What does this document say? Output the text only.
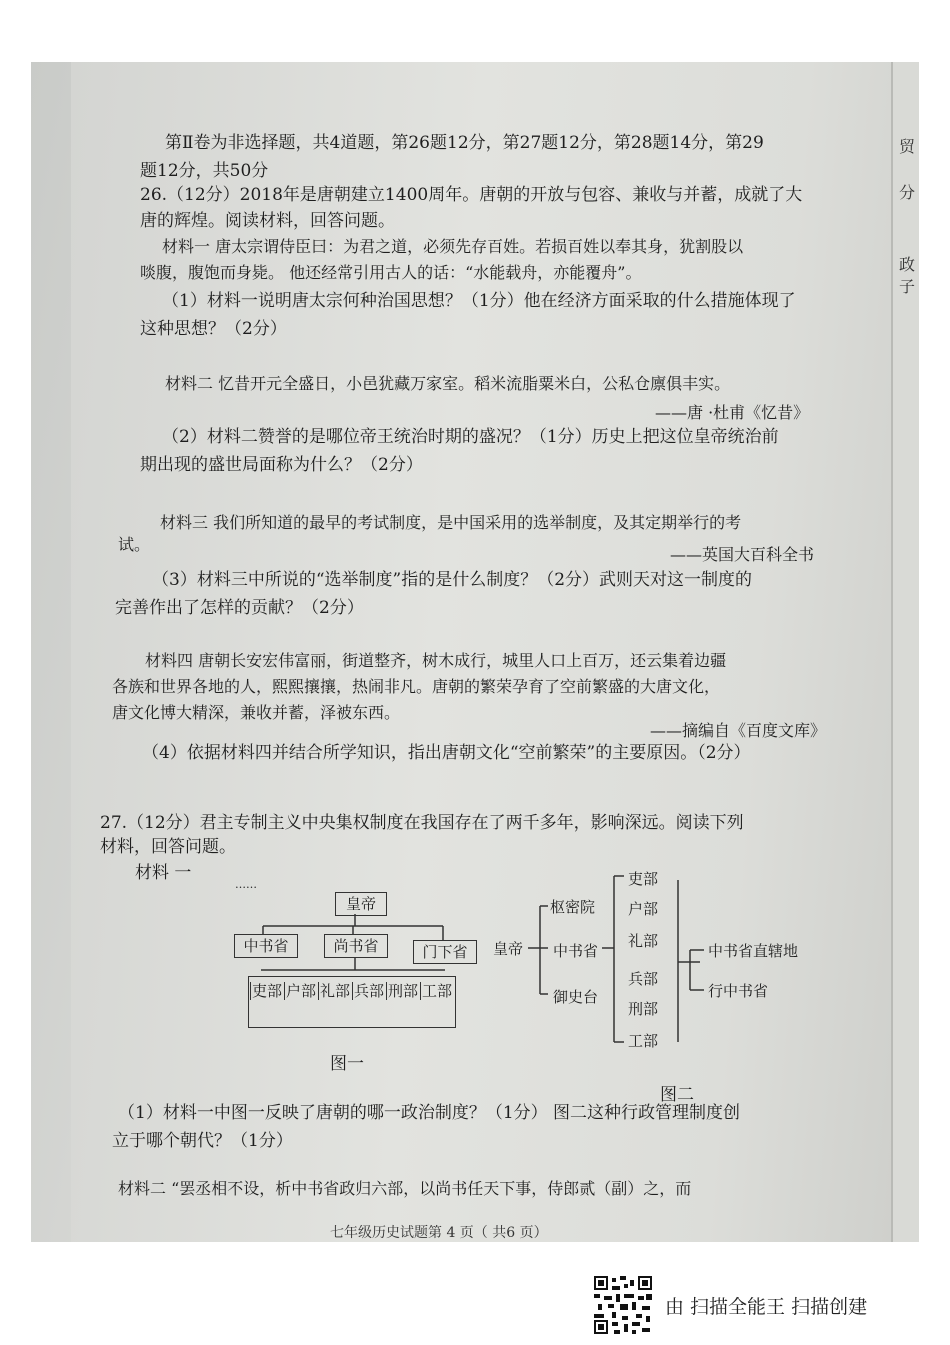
贸
分
政
子
第Ⅱ卷为非选择题，共4道题，第26题12分，第27题12分，第28题14分，第29
题12分，共50分
26.（12分）2018年是唐朝建立1400周年。唐朝的开放与包容、兼收与并蓄，成就了大
唐的辉煌。阅读材料，回答问题。
材料一 唐太宗谓侍臣曰：为君之道，必须先存百姓。若损百姓以奉其身，犹割股以
啖腹，腹饱而身毙。 他还经常引用古人的话：“水能载舟，亦能覆舟”。
（1）材料一说明唐太宗何种治国思想？（1分）他在经济方面采取的什么措施体现了
这种思想？（2分）
材料二 忆昔开元全盛日，小邑犹藏万家室。稻米流脂粟米白，公私仓廪俱丰实。
——唐 ·杜甫《忆昔》
（2）材料二赞誉的是哪位帝王统治时期的盛况？（1分）历史上把这位皇帝统治前
期出现的盛世局面称为什么？（2分）
材料三 我们所知道的最早的考试制度，是中国采用的选举制度，及其定期举行的考
试。
——英国大百科全书
（3）材料三中所说的“选举制度”指的是什么制度？（2分）武则天对这一制度的
完善作出了怎样的贡献？（2分）
材料四 唐朝长安宏伟富丽，街道整齐，树木成行，城里人口上百万，还云集着边疆
各族和世界各地的人，熙熙攘攘，热闹非凡。唐朝的繁荣孕育了空前繁盛的大唐文化，
唐文化博大精深，兼收并蓄，泽被东西。
——摘编自《百度文库》
（4）依据材料四并结合所学知识，指出唐朝文化“空前繁荣”的主要原因。（2分）
27.（12分）君主专制主义中央集权制度在我国存在了两千多年，影响深远。阅读下列
材料，回答问题。
材料 一
……
皇帝
中书省	尚书省	门下省
吏部 户部 礼部 兵部 刑部 工部
图一
皇帝
枢密院
中书省
御史台
吏部
户部
礼部
兵部
刑部
工部
中书省直辖地
行中书省
图二
（1）材料一中图一反映了唐朝的哪一政治制度？（1分） 图二这种行政管理制度创
立于哪个朝代？（1分）
材料二 “罢丞相不设，析中书省政归六部，以尚书任天下事，侍郎贰（副）之，而
七年级历史试题第 4 页（ 共6 页）
由 扫描全能王 扫描创建
